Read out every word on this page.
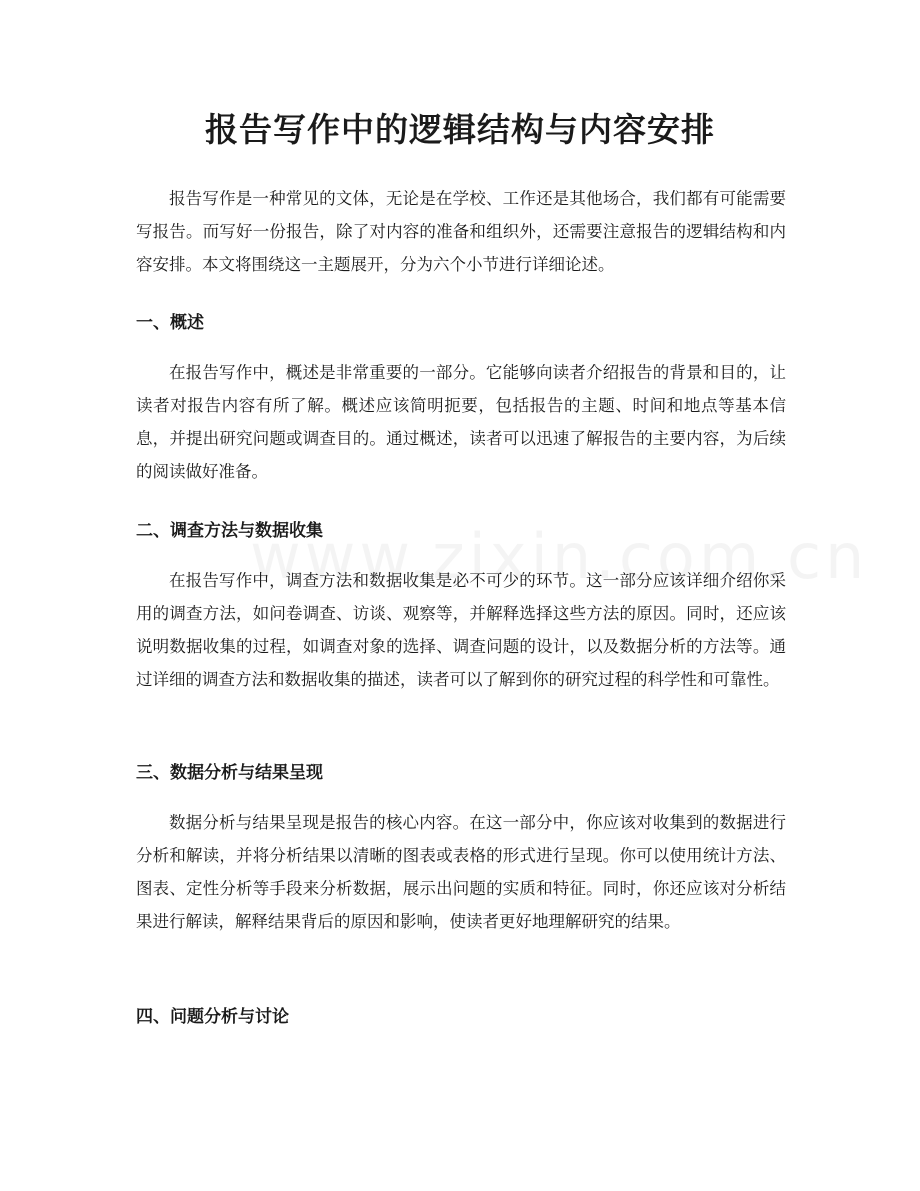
报告写作中的逻辑结构与内容安排

报告写作是一种常见的文体，无论是在学校、工作还是其他场合，我们都有可能需要写报告。而写好一份报告，除了对内容的准备和组织外，还需要注意报告的逻辑结构和内容安排。本文将围绕这一主题展开，分为六个小节进行详细论述。

一、概述

在报告写作中，概述是非常重要的一部分。它能够向读者介绍报告的背景和目的，让读者对报告内容有所了解。概述应该简明扼要，包括报告的主题、时间和地点等基本信息，并提出研究问题或调查目的。通过概述，读者可以迅速了解报告的主要内容，为后续的阅读做好准备。

二、调查方法与数据收集

在报告写作中，调查方法和数据收集是必不可少的环节。这一部分应该详细介绍你采用的调查方法，如问卷调查、访谈、观察等，并解释选择这些方法的原因。同时，还应该说明数据收集的过程，如调查对象的选择、调查问题的设计，以及数据分析的方法等。通过详细的调查方法和数据收集的描述，读者可以了解到你的研究过程的科学性和可靠性。

三、数据分析与结果呈现

数据分析与结果呈现是报告的核心内容。在这一部分中，你应该对收集到的数据进行分析和解读，并将分析结果以清晰的图表或表格的形式进行呈现。你可以使用统计方法、图表、定性分析等手段来分析数据，展示出问题的实质和特征。同时，你还应该对分析结果进行解读，解释结果背后的原因和影响，使读者更好地理解研究的结果。

四、问题分析与讨论
